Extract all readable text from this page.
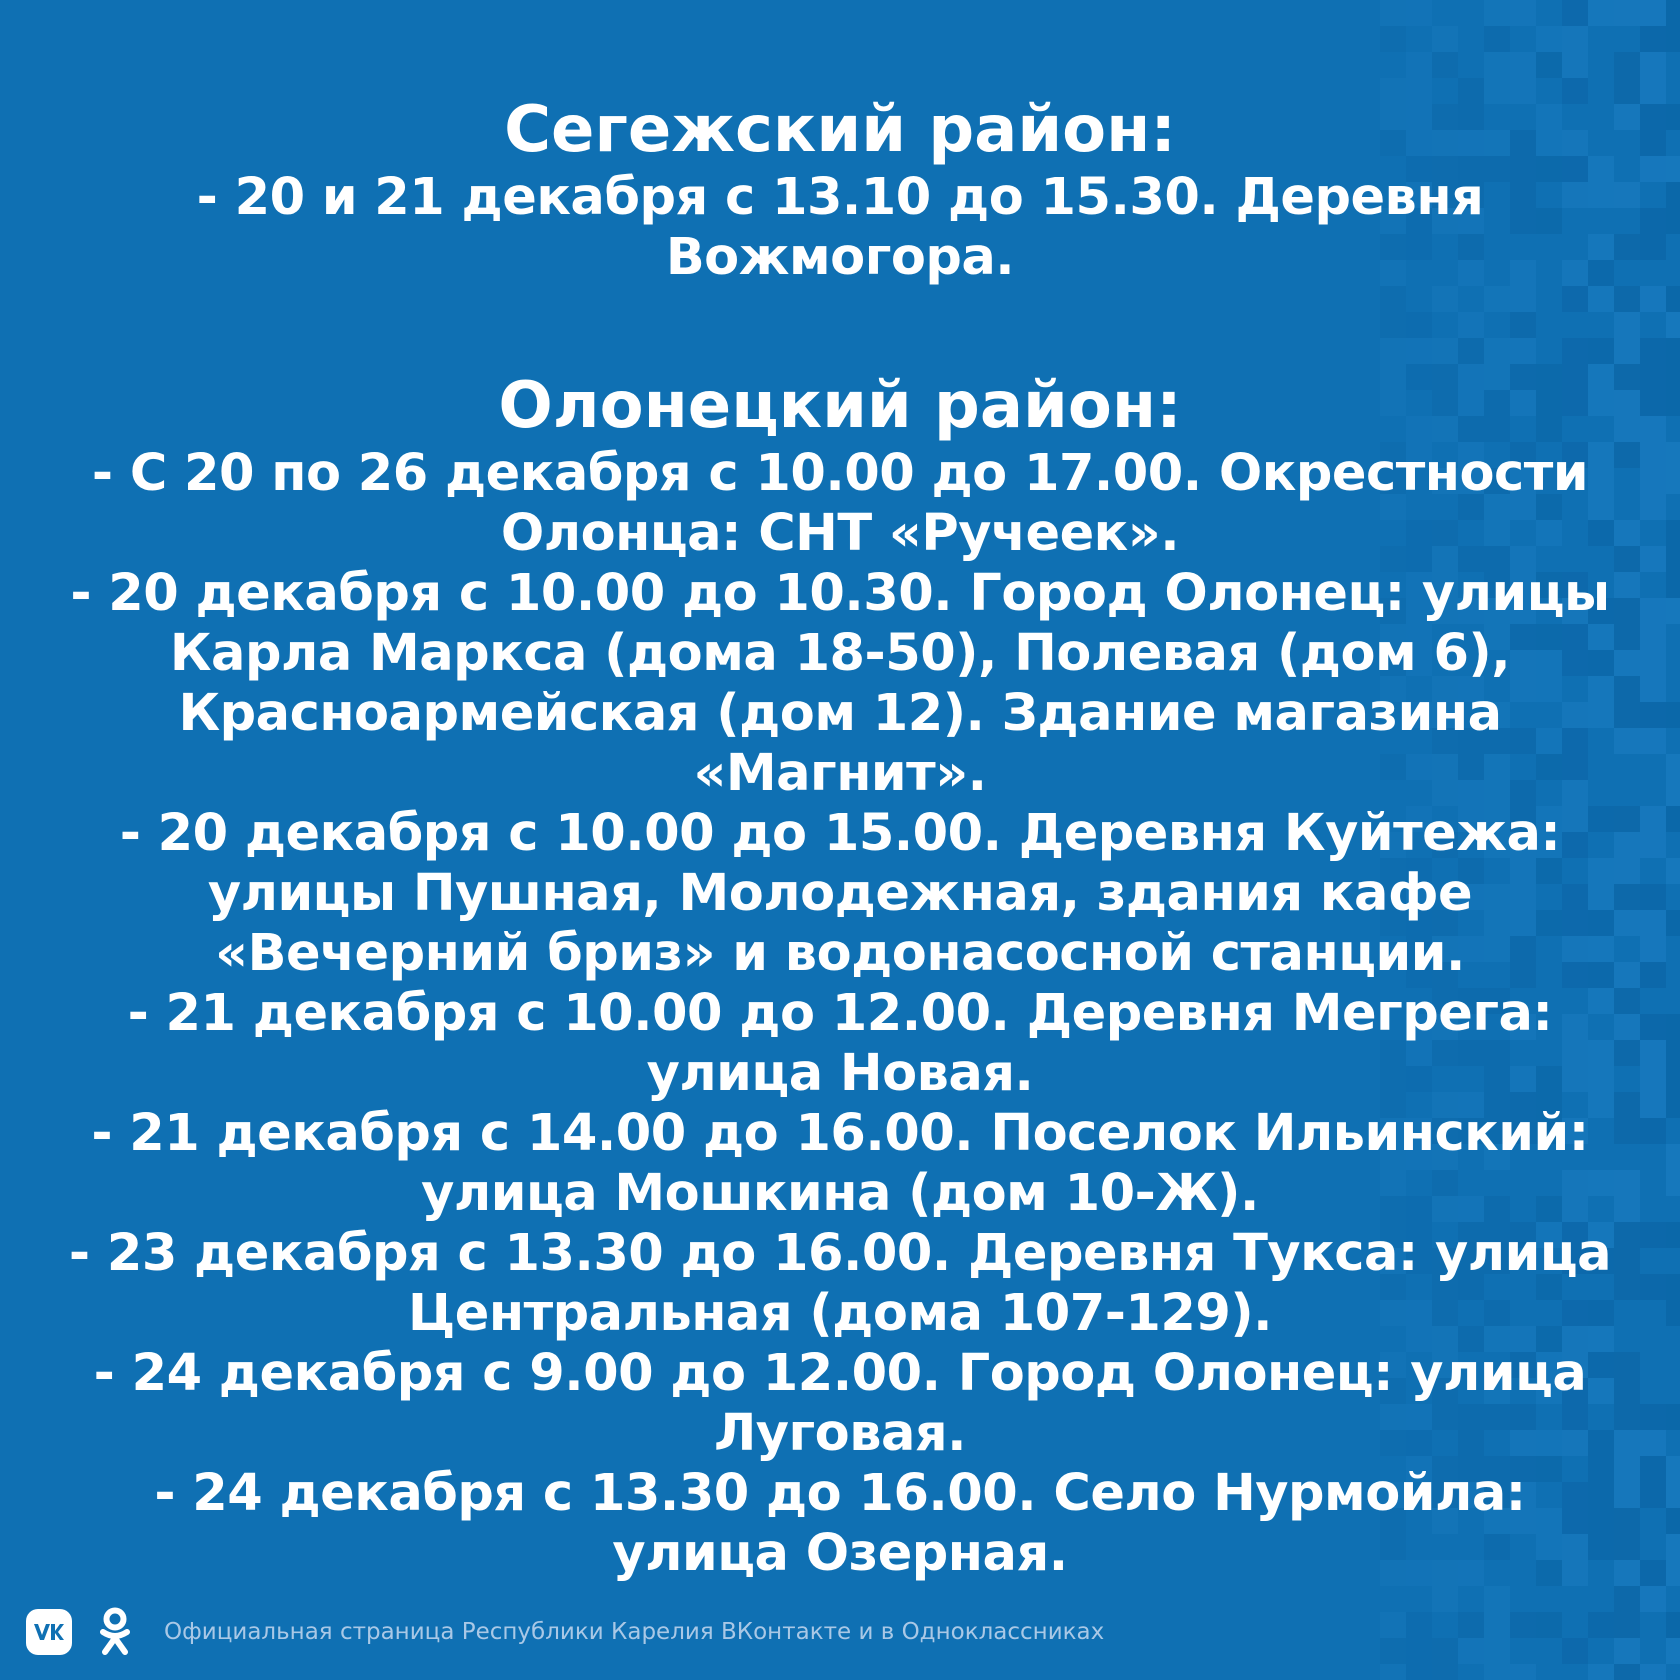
Сегежский район:

- 20 и 21 декабря с 13.10 до 15.30. Деревня Вожмогора.

Олонецкий район:

- С 20 по 26 декабря с 10.00 до 17.00. Окрестности Олонца: СНТ «Ручеек».

- 20 декабря с 10.00 до 10.30. Город Олонец: улицы Карла Маркса (дома 18-50), Полевая (дом 6), Красноармейская (дом 12). Здание магазина «Магнит».

- 20 декабря с 10.00 до 15.00. Деревня Куйтежа: улицы Пушная, Молодежная, здания кафе «Вечерний бриз» и водонасосной станции.

- 21 декабря с 10.00 до 12.00. Деревня Мегрега: улица Новая.

- 21 декабря с 14.00 до 16.00. Поселок Ильинский: улица Мошкина (дом 10-Ж).

- 23 декабря с 13.30 до 16.00. Деревня Тукса: улица Центральная (дома 107-129).

- 24 декабря с 9.00 до 12.00. Город Олонец: улица Луговая.

- 24 декабря с 13.30 до 16.00. Село Нурмойла: улица Озерная.

Официальная страница Республики Карелия ВКонтакте и в Одноклассниках
